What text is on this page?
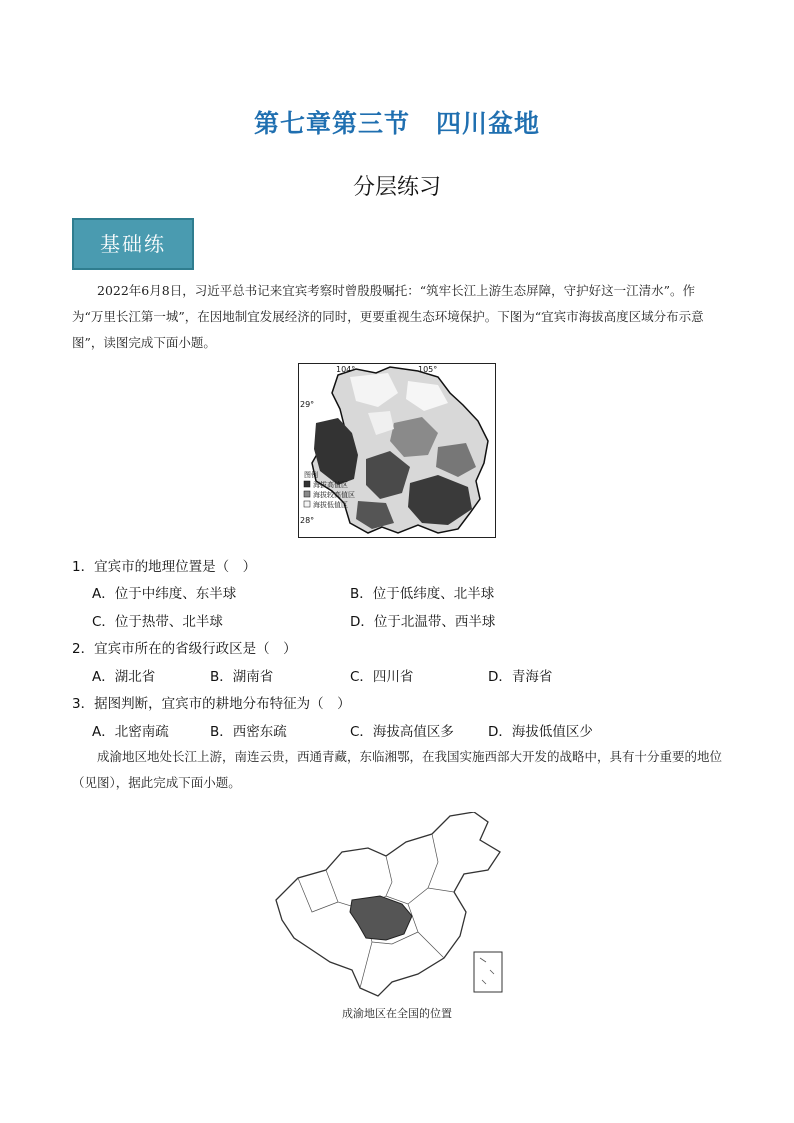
第七章第三节　四川盆地
分层练习
基础练
2022年6月8日，习近平总书记来宜宾考察时曾殷殷嘱托：“筑牢长江上游生态屏障，守护好这一江清水”。作为“万里长江第一城”，在因地制宜发展经济的同时，更要重视生态环境保护。下图为“宜宾市海拔高度区域分布示意图”，读图完成下面小题。
图例
海拔高值区
海拔较高值区
海拔低值区
104°	105°
29°
28°
1．宜宾市的地理位置是（　）
A．位于中纬度、东半球	B．位于低纬度、北半球
C．位于热带、北半球	D．位于北温带、西半球
2．宜宾市所在的省级行政区是（　）
A．湖北省	B．湖南省	C．四川省	D．青海省
3．据图判断，宜宾市的耕地分布特征为（　）
A．北密南疏	B．西密东疏	C．海拔高值区多	D．海拔低值区少
成渝地区地处长江上游，南连云贵，西通青藏，东临湘鄂，在我国实施西部大开发的战略中，具有十分重要的地位（见图），据此完成下面小题。
成渝地区在全国的位置
